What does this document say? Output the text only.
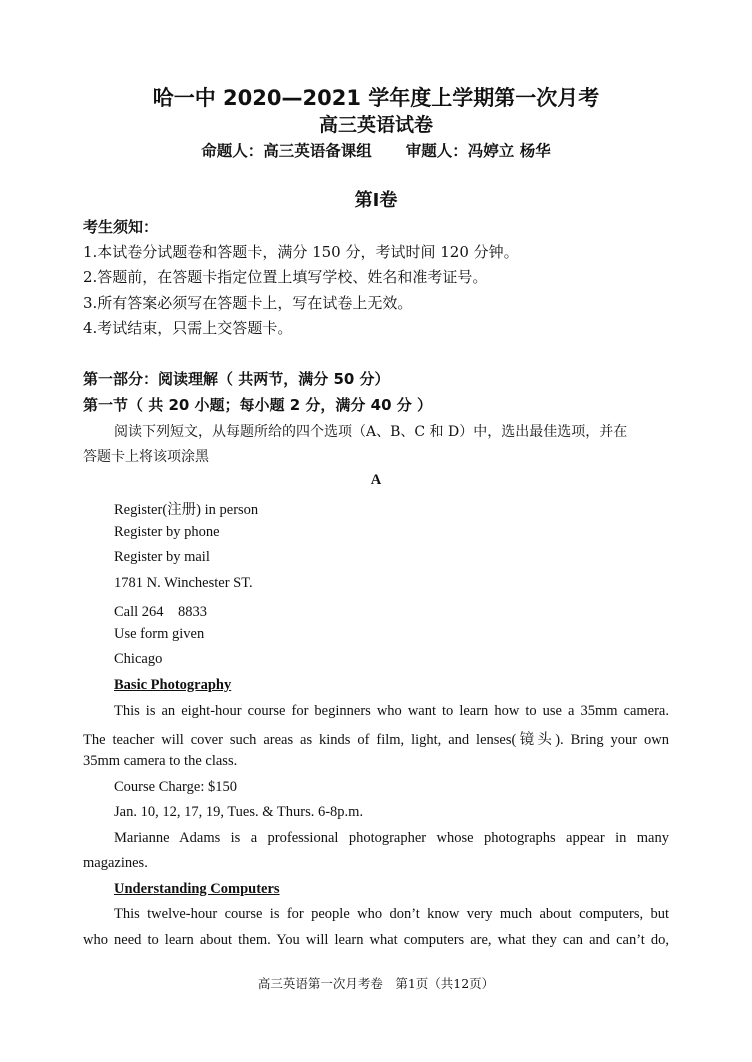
哈一中 2020—2021 学年度上学期第一次月考
高三英语试卷
命题人：高三英语备课组 审题人：冯婷立 杨华
第Ⅰ卷
考生须知：
1.本试卷分试题卷和答题卡，满分 150 分，考试时间 120 分钟。
2.答题前，在答题卡指定位置上填写学校、姓名和准考证号。
3.所有答案必须写在答题卡上，写在试卷上无效。
4.考试结束，只需上交答题卡。
第一部分：阅读理解（ 共两节，满分 50 分）
第一节（ 共 20 小题；每小题 2 分，满分 40 分 ）
阅读下列短文，从每题所给的四个选项（A、B、C 和 D）中，选出最佳选项，并在
答题卡上将该项涂黑
A
Register(注册) in person
Register by phone
Register by mail
1781 N. Winchester ST.
Call 264　8833
Use form given
Chicago
Basic Photography
This is an eight-hour course for beginners who want to learn how to use a 35mm camera.
The teacher will cover such areas as kinds of film, light, and lenses(镜头). Bring your own
35mm camera to the class.
Course Charge: $150
Jan. 10, 12, 17, 19, Tues. & Thurs. 6-8p.m.
Marianne Adams is a professional photographer whose photographs appear in many
magazines.
Understanding Computers
This twelve-hour course is for people who don’t know very much about computers, but
who need to learn about them. You will learn what computers are, what they can and can’t do,
高三英语第一次月考卷　第1页（共12页）
